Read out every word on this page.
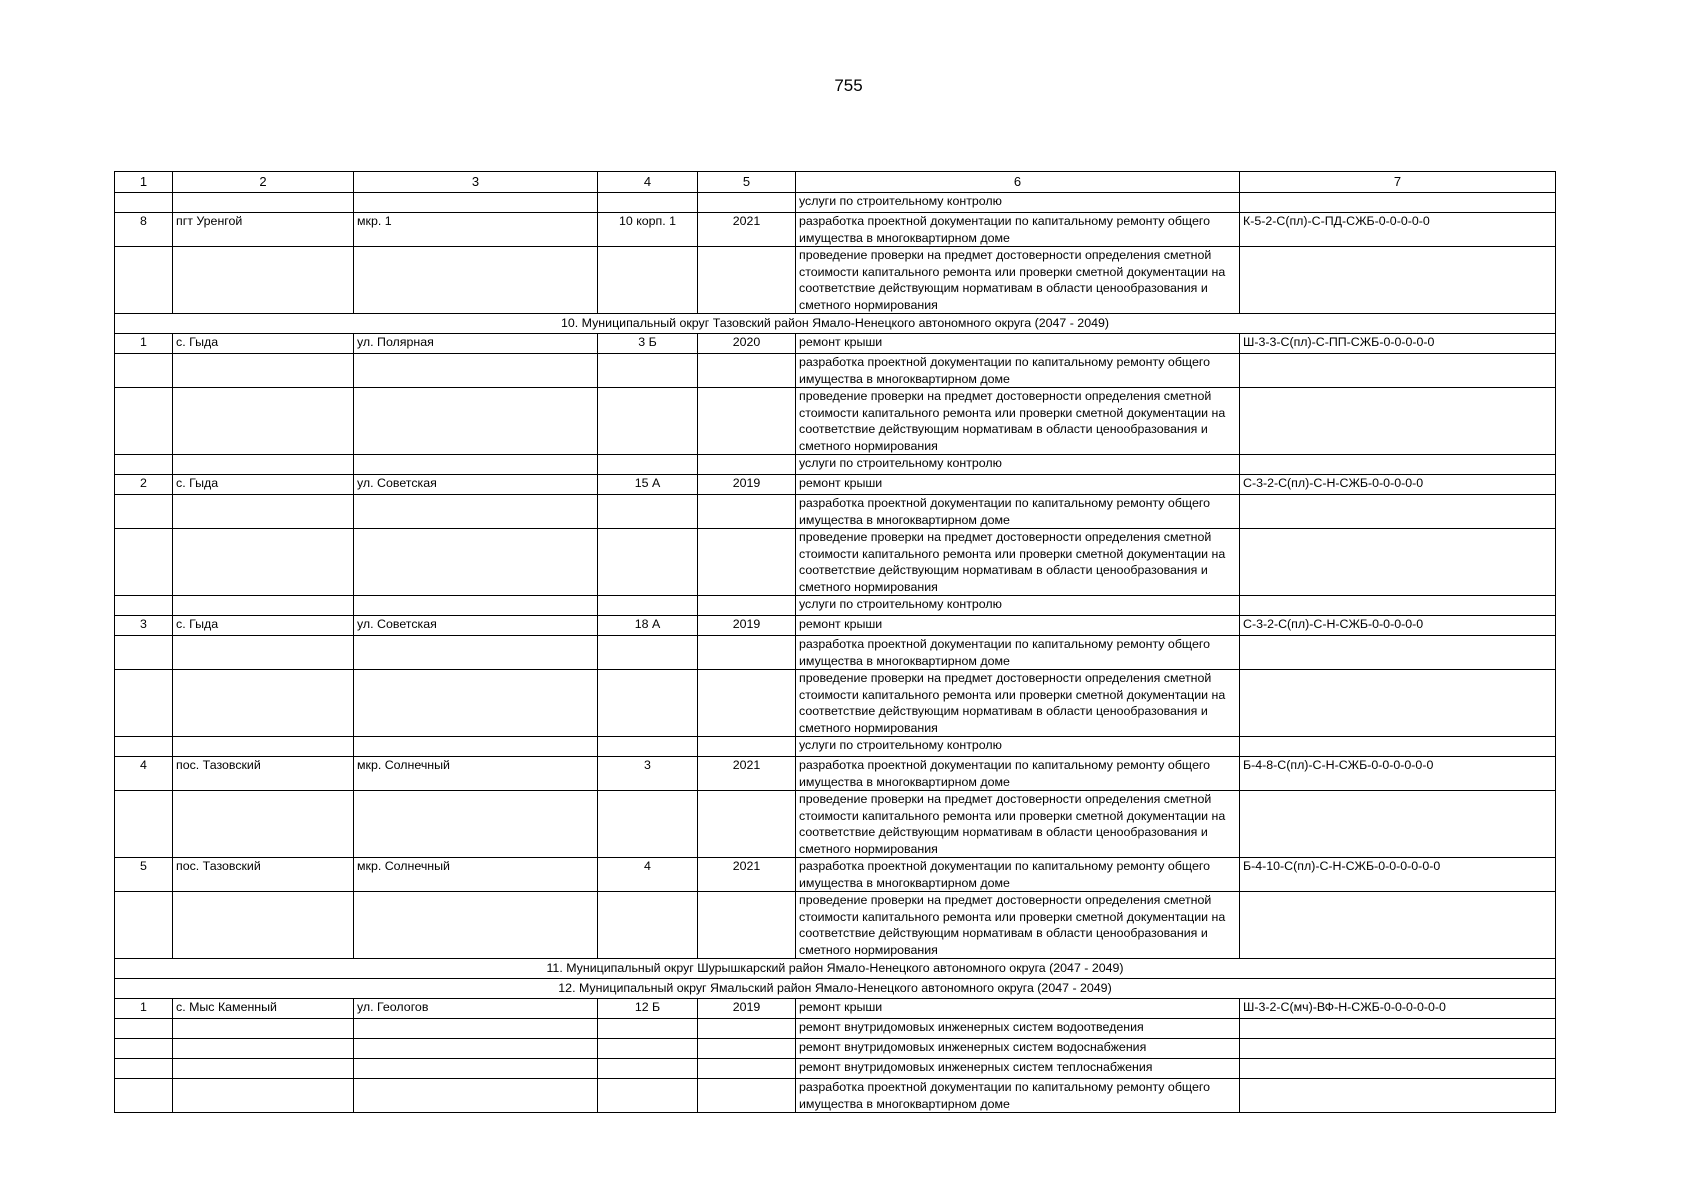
755
1	2	3	4	5	6	7
					услуги по строительному контролю	
8	пгт Уренгой	мкр. 1	10 корп. 1	2021	разработка проектной документации по капитальному ремонту общего имущества в многоквартирном доме	К-5-2-С(пл)-С-ПД-СЖБ-0-0-0-0-0
					проведение проверки на предмет достоверности определения сметной стоимости капитального ремонта или проверки сметной документации на соответствие действующим нормативам в области ценообразования и сметного нормирования	
10. Муниципальный округ Тазовский район Ямало-Ненецкого автономного округа (2047 - 2049)						
1	с. Гыда	ул. Полярная	3 Б	2020	ремонт крыши	Ш-3-3-С(пл)-С-ПП-СЖБ-0-0-0-0-0
					разработка проектной документации по капитальному ремонту общего имущества в многоквартирном доме	
					проведение проверки на предмет достоверности определения сметной стоимости капитального ремонта или проверки сметной документации на соответствие действующим нормативам в области ценообразования и сметного нормирования	
					услуги по строительному контролю	
2	с. Гыда	ул. Советская	15 А	2019	ремонт крыши	С-3-2-С(пл)-С-Н-СЖБ-0-0-0-0-0
					разработка проектной документации по капитальному ремонту общего имущества в многоквартирном доме	
					проведение проверки на предмет достоверности определения сметной стоимости капитального ремонта или проверки сметной документации на соответствие действующим нормативам в области ценообразования и сметного нормирования	
					услуги по строительному контролю	
3	с. Гыда	ул. Советская	18 А	2019	ремонт крыши	С-3-2-С(пл)-С-Н-СЖБ-0-0-0-0-0
					разработка проектной документации по капитальному ремонту общего имущества в многоквартирном доме	
					проведение проверки на предмет достоверности определения сметной стоимости капитального ремонта или проверки сметной документации на соответствие действующим нормативам в области ценообразования и сметного нормирования	
					услуги по строительному контролю	
4	пос. Тазовский	мкр. Солнечный	3	2021	разработка проектной документации по капитальному ремонту общего имущества в многоквартирном доме	Б-4-8-С(пл)-С-Н-СЖБ-0-0-0-0-0-0
					проведение проверки на предмет достоверности определения сметной стоимости капитального ремонта или проверки сметной документации на соответствие действующим нормативам в области ценообразования и сметного нормирования	
5	пос. Тазовский	мкр. Солнечный	4	2021	разработка проектной документации по капитальному ремонту общего имущества в многоквартирном доме	Б-4-10-С(пл)-С-Н-СЖБ-0-0-0-0-0-0
					проведение проверки на предмет достоверности определения сметной стоимости капитального ремонта или проверки сметной документации на соответствие действующим нормативам в области ценообразования и сметного нормирования	
11. Муниципальный округ Шурышкарский район Ямало-Ненецкого автономного округа (2047 - 2049)						
12. Муниципальный округ Ямальский район Ямало-Ненецкого автономного округа (2047 - 2049)						
1	с. Мыс Каменный	ул. Геологов	12 Б	2019	ремонт крыши	Ш-3-2-С(мч)-ВФ-Н-СЖБ-0-0-0-0-0-0
					ремонт внутридомовых инженерных систем водоотведения	
					ремонт внутридомовых инженерных систем водоснабжения	
					ремонт внутридомовых инженерных систем теплоснабжения	
					разработка проектной документации по капитальному ремонту общего имущества в многоквартирном доме	
